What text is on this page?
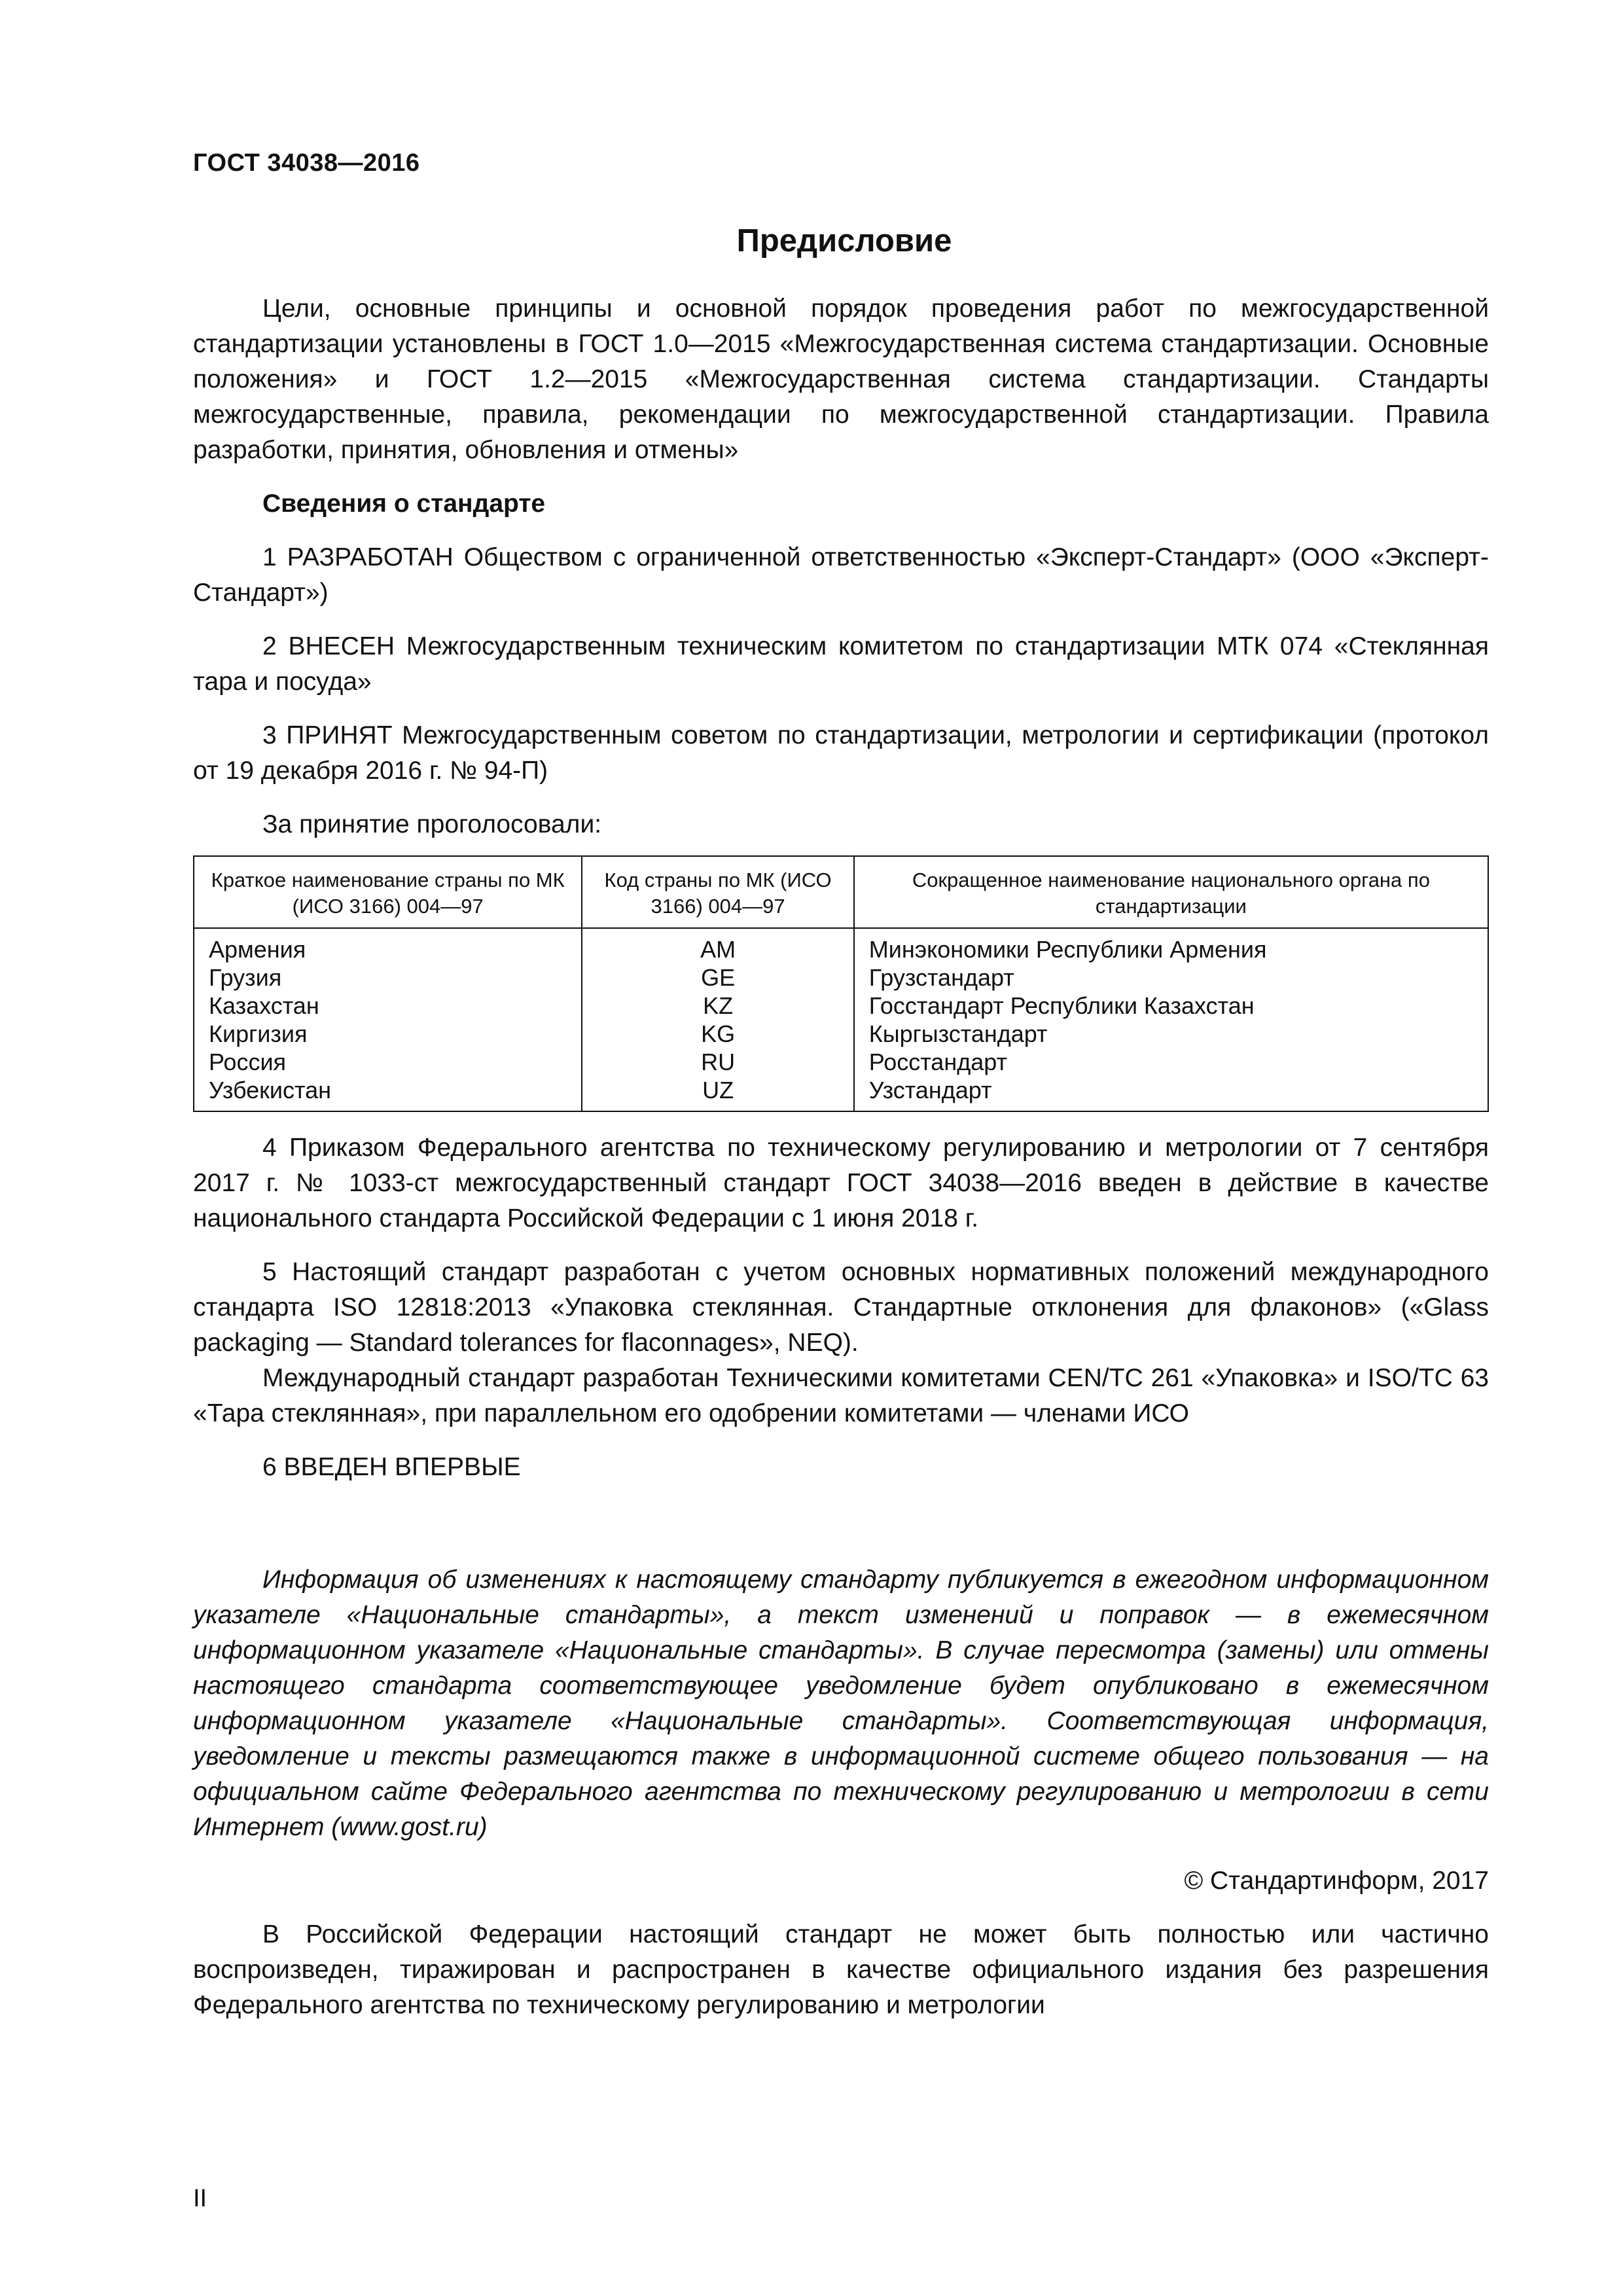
ГОСТ 34038—2016
Предисловие

Цели, основные принципы и основной порядок проведения работ по межгосударственной стандартизации установлены в ГОСТ 1.0—2015 «Межгосударственная система стандартизации. Основные положения» и ГОСТ 1.2—2015 «Межгосударственная система стандартизации. Стандарты межгосударственные, правила, рекомендации по межгосударственной стандартизации. Правила разработки, принятия, обновления и отмены»

Сведения о стандарте

1 РАЗРАБОТАН Обществом с ограниченной ответственностью «Эксперт-Стандарт» (ООО «Эксперт-Стандарт»)

2 ВНЕСЕН Межгосударственным техническим комитетом по стандартизации МТК 074 «Стеклянная тара и посуда»

3 ПРИНЯТ Межгосударственным советом по стандартизации, метрологии и сертификации (протокол от 19 декабря 2016 г. № 94-П)

За принятие проголосовали:

Краткое наименование страны по МК (ИСО 3166) 004—97	Код страны по МК (ИСО 3166) 004—97	Сокращенное наименование национального органа по стандартизации
Армения	AM	Минэкономики Республики Армения
Грузия	GE	Грузстандарт
Казахстан	KZ	Госстандарт Республики Казахстан
Киргизия	KG	Кыргызстандарт
Россия	RU	Росстандарт
Узбекистан	UZ	Узстандарт

4 Приказом Федерального агентства по техническому регулированию и метрологии от 7 сентября 2017 г. № 1033-ст межгосударственный стандарт ГОСТ 34038—2016 введен в действие в качестве национального стандарта Российской Федерации с 1 июня 2018 г.

5 Настоящий стандарт разработан с учетом основных нормативных положений международного стандарта ISO 12818:2013 «Упаковка стеклянная. Стандартные отклонения для флаконов» («Glass packaging — Standard tolerances for flaconnages», NEQ).

Международный стандарт разработан Техническими комитетами CEN/TC 261 «Упаковка» и ISO/TC 63 «Тара стеклянная», при параллельном его одобрении комитетами — членами ИСО

6 ВВЕДЕН ВПЕРВЫЕ

Информация об изменениях к настоящему стандарту публикуется в ежегодном информационном указателе «Национальные стандарты», а текст изменений и поправок — в ежемесячном информационном указателе «Национальные стандарты». В случае пересмотра (замены) или отмены настоящего стандарта соответствующее уведомление будет опубликовано в ежемесячном информационном указателе «Национальные стандарты». Соответствующая информация, уведомление и тексты размещаются также в информационной системе общего пользования — на официальном сайте Федерального агентства по техническому регулированию и метрологии в сети Интернет (www.gost.ru)

© Стандартинформ, 2017

В Российской Федерации настоящий стандарт не может быть полностью или частично воспроизведен, тиражирован и распространен в качестве официального издания без разрешения Федерального агентства по техническому регулированию и метрологии

II
